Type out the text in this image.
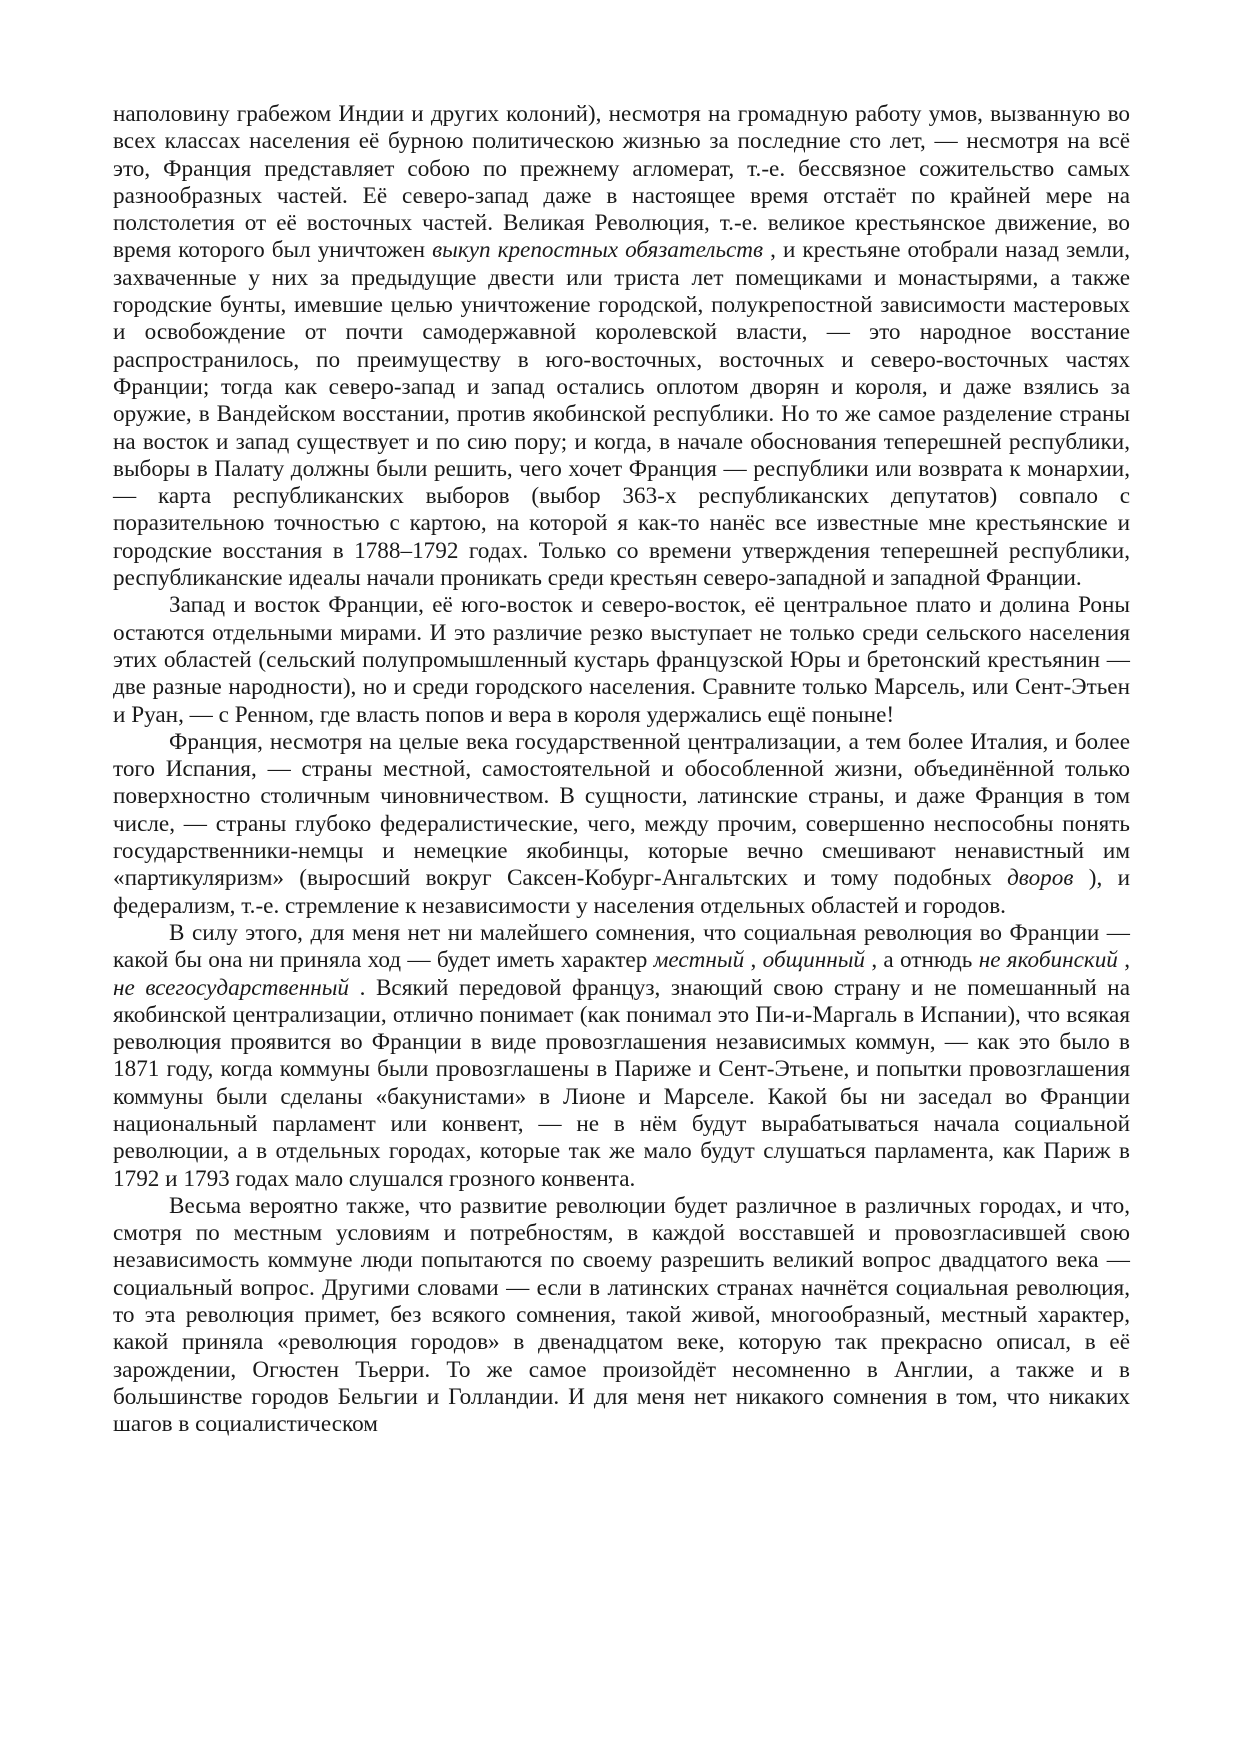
наполовину грабежом Индии и других колоний), несмотря на громадную работу умов, вызванную во всех классах населения её бурною политическою жизнью за последние сто лет, — несмотря на всё это, Франция представляет собою по прежнему агломерат, т.-е. бессвязное сожительство самых разнообразных частей. Её северо-запад даже в настоящее время отстаёт по крайней мере на полстолетия от её восточных частей. Великая Революция, т.-е. великое крестьянское движение, во время которого был уничтожен выкуп крепостных обязательств , и крестьяне отобрали назад земли, захваченные у них за предыдущие двести или триста лет помещиками и монастырями, а также городские бунты, имевшие целью уничтожение городской, полукрепостной зависимости мастеровых и освобождение от почти самодержавной королевской власти, — это народное восстание распространилось, по преимуществу в юго-восточных, восточных и северо-восточных частях Франции; тогда как северо-запад и запад остались оплотом дворян и короля, и даже взялись за оружие, в Вандейском восстании, против якобинской республики. Но то же самое разделение страны на восток и запад существует и по сию пору; и когда, в начале обоснования теперешней республики, выборы в Палату должны были решить, чего хочет Франция — республики или возврата к монархии, — карта республиканских выборов (выбор 363-х республиканских депутатов) совпало с поразительною точностью с картою, на которой я как-то нанёс все известные мне крестьянские и городские восстания в 1788–1792 годах. Только со времени утверждения теперешней республики, республиканские идеалы начали проникать среди крестьян северо-западной и западной Франции.

Запад и восток Франции, её юго-восток и северо-восток, её центральное плато и долина Роны остаются отдельными мирами. И это различие резко выступает не только среди сельского населения этих областей (сельский полупромышленный кустарь французской Юры и бретонский крестьянин — две разные народности), но и среди городского населения. Сравните только Марсель, или Сент-Этьен и Руан, — с Ренном, где власть попов и вера в короля удержались ещё поныне!

Франция, несмотря на целые века государственной централизации, а тем более Италия, и более того Испания, — страны местной, самостоятельной и обособленной жизни, объединённой только поверхностно столичным чиновничеством. В сущности, латинские страны, и даже Франция в том числе, — страны глубоко федералистические, чего, между прочим, совершенно неспособны понять государственники-немцы и немецкие якобинцы, которые вечно смешивают ненавистный им «партикуляризм» (выросший вокруг Саксен-Кобург-Ангальтских и тому подобных дворов ), и федерализм, т.-е. стремление к независимости у населения отдельных областей и городов.

В силу этого, для меня нет ни малейшего сомнения, что социальная революция во Франции — какой бы она ни приняла ход — будет иметь характер местный , общинный , а отнюдь не якобинский , не всегосударственный . Всякий передовой француз, знающий свою страну и не помешанный на якобинской централизации, отлично понимает (как понимал это Пи-и-Маргаль в Испании), что всякая революция проявится во Франции в виде провозглашения независимых коммун, — как это было в 1871 году, когда коммуны были провозглашены в Париже и Сент-Этьене, и попытки провозглашения коммуны были сделаны «бакунистами» в Лионе и Марселе. Какой бы ни заседал во Франции национальный парламент или конвент, — не в нём будут вырабатываться начала социальной революции, а в отдельных городах, которые так же мало будут слушаться парламента, как Париж в 1792 и 1793 годах мало слушался грозного конвента.

Весьма вероятно также, что развитие революции будет различное в различных городах, и что, смотря по местным условиям и потребностям, в каждой восставшей и провозгласившей свою независимость коммуне люди попытаются по своему разрешить великий вопрос двадцатого века — социальный вопрос. Другими словами — если в латинских странах начнётся социальная революция, то эта революция примет, без всякого сомнения, такой живой, многообразный, местный характер, какой приняла «революция городов» в двенадцатом веке, которую так прекрасно описал, в её зарождении, Огюстен Тьерри. То же самое произойдёт несомненно в Англии, а также и в большинстве городов Бельгии и Голландии. И для меня нет никакого сомнения в том, что никаких шагов в социалистическом
